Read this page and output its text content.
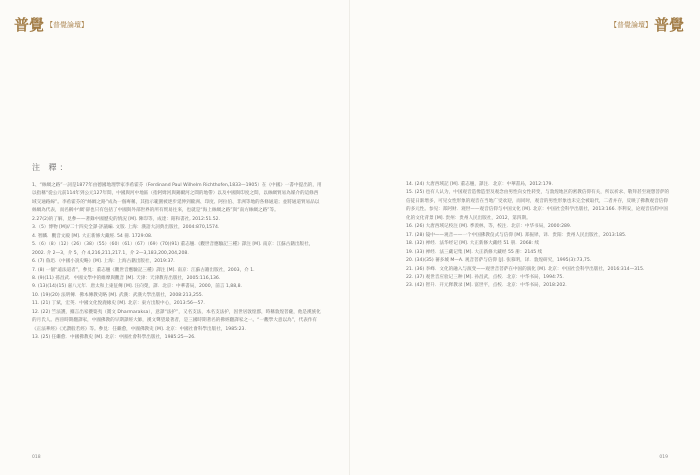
普覺 【普覺論壇】
注 釋：
1、“絲綢之路”一詞是1877年由德國地理學家李希霍芬（Ferdinand Paul Wilhelm Richthofen,1833—1905）在《中國》一書中提出的，用以指稱“從公元前114年到公元127年間，中國與河中地區（指阿姆河與錫爾河之間的地帶）以及中國與印度之間，以絲綢貿易為媒介的這條西域交通路線”。李希霍芬的“絲綢之路”成為一個專稱，其指示範圍被逐步延伸到歐洲、印度、阿拉伯、非洲等地的各條通道；並將通道貿易品以絲綢為代表，而名稱中‘綢’卻也只有包括了中國與外部世界的所有貿易往來，也就是“海上絲綢之路”與“南方絲綢之路”等。
2.27(2)的了解，見參——著錄中國歷史的情況 [M]. 陳印等，成達：鎔和書社, 2012:51.52.
3.（5）博物 [M]//二十四史全譯·評議編. 文版. 上海：漢語大詞典出版社，2004:870,1574.
4. 智麟．觀音文殿 [M]. 大正新修大藏經. 54 冊. 1729:08.
5.（6）（8）（12）（26）（38）（55）（60）（61）（67）（69）(70)(91) 董志翹.《觀世音應驗記三種》譯注 [M]. 南京：江蘇古籍出版社，2002. 介 2—3，介 5，介 4,216,211,217.1，介 2—3,183,200,204,208.
6. (7) 魯迅.《中國小說史略》[M]. 上海：上海古籍出版社，2019:37.
7. (8) 一個“遠法道者”，參見：董志翹《觀世音應驗記三種》譯注 [M]. 南京：江蘇古籍出版社，2003，介 1.
8. (9)(11) 孫昌武．中國文學中的維摩與觀音 [M]. 天津：天津教育出版社，2005:116,136.
9. (13)(14)(15) 嘉八元年．唐太和上東征傳 [M]. 汪向榮，譯．北京：中華書局，2000，前言 1,88,8.
10. (19)(20) 法明傳．佛本傳教史略 [M]. 武漢：武漢大學出版社，2008:213,255.
11. (21) 丁斌，宏英．中國文化悅鹿緣史 [M]. 北京：東方出版中心，2013:56—57.
12. (22) 竺法護，據言出家優婆夷（竇文 Dharmaraksa），意譯“法护”，又名支法，本名支法护，因世居敦煌郡，時稱敦煌菩薩，他是漢族化的月氏人。西晉時期翻譯家，中國佛教的早期譯經大師，漢文聲望最著者，是三國時期著名的佛經翻譯家之一。“一觀學大意以為”，代表作有《正法華經》《光讚般若經》等。參見：任繼愈，中國佛教史 [M]. 北京：中國社會科學出版社，1985:23.
13. (25) 任繼愈．中國佛教史 [M]. 北京：中國社會科學出版社，1985:25—26.
018
【普覺論壇】 普覺
14. (24) 大唐西域記 [M]. 董志翹，譯注．北京：中華書局，2012:179.
15. (25) 也有人认为，中国观音造像造型及观念由男性向女性转变，与敦煌地区的密教信仰有关，所以祈求、敬拜甚至观想菩萨的信徒日渐增多，可见女性形象的观音在当地广受欢迎，而同时，观音的男性形象也未完全被取代，二者并存，反映了佛教观音信仰的多元性。参见：郑阿财．观世——观音信仰与中国文化 [M]. 北京：中国社会科学出版社，2013:166. 李利安，论观音信仰中国化的文化背景 [M]. 贵州：贵州人民出版社，2012，第四期。
16. (26) 大唐西域记校注 [M]. 季羡林，等，校注．北京：中华书局，2000:289.
17. (28) 镜中——观音——一个中国佛教仪式与信仰 [M]. 郑振铎，译．贵阳：贵州人民出版社，2013:185.
18. (32) 禅经．法华经记 [M]. 大正新修大藏经 51 册．2068: 续
19. (33) 禅经．法三藏记集 [M]. 大正新修大藏经 55 册：2145 续
20. (34)(35) 蕃多城 M—A. 观音菩萨与信仰 [J]. 张慕明，译．敦煌研究，1995(3):73,75.
21. (36) 李峰．文化的融入与演变——观世音菩萨在中国的演化 [M]. 北京：中国社会科学出版社，2016:314—315.
22. (37) 观世音应验记三种 [M]. 孙昌武，点校．北京：中华书局，1994:75.
23. (42) 智升．开元释教录 [M]. 富世平，点校．北京：中华书局，2018:202.
019
